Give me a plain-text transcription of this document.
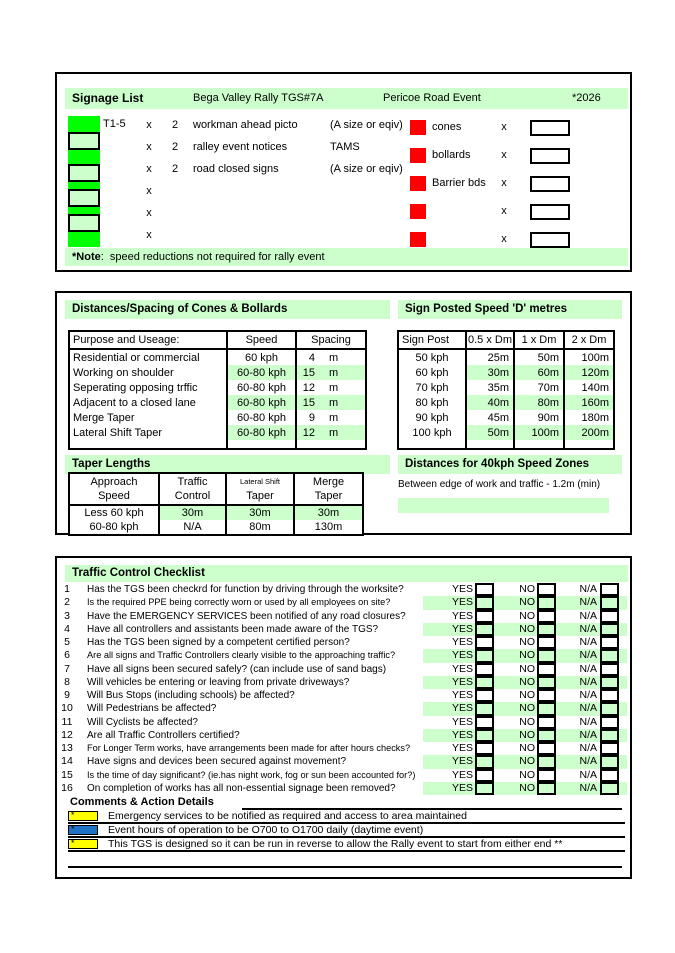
Signage List	Bega Valley Rally TGS#7A	Pericoe Road Event	*2026
T1-5 x 2 workman ahead picto	(A size or eqiv)
x 2 ralley event notices	TAMS
x 2 road closed signs	(A size or eqiv)
x
x
x
cones	x
bollards	x
Barrier bds x
x
x
*Note:  speed reductions not required for rally event
Distances/Spacing of Cones & Bollards	Sign Posted Speed 'D' metres
Purpose and Useage:	Speed	Spacing
Residential or commercial	60 kph	4 m
Working on shoulder	60-80 kph	15 m
Seperating opposing trffic	60-80 kph	12 m
Adjacent to a closed lane	60-80 kph	15 m
Merge Taper	60-80 kph	9 m
Lateral Shift Taper	60-80 kph	12 m

Sign Post	0.5 x Dm	1 x Dm	2 x Dm
50 kph	25m	50m	100m
60 kph	30m	60m	120m
70 kph	35m	70m	140m
80 kph	40m	80m	160m
90 kph	45m	90m	180m
100 kph	50m	100m	200m

Taper Lengths
Approach
Speed

Traffic
Control

Lateral Shift
Taper

Merge
Taper

Less 60 kph	30m	30m	30m
60-80 kph	N/A	80m	130m
Distances for 40kph Speed Zones
Between edge of work and traffic - 1.2m (min)
Traffic Control Checklist
1	Has the TGS been checkrd for function by driving through the worksite?	YES	NO	N/A
2	Is the required PPE being correctly worn or used by all employees on site?	YES	NO	N/A
3	Have the EMERGENCY SERVICES been notified of any road closures?	YES	NO	N/A
4	Have all controllers and assistants been made aware of the TGS?	YES	NO	N/A
5	Has the TGS been signed by a competent certified person?	YES	NO	N/A
6	Are all signs and Traffic Controllers clearly visible to the approaching traffic?	YES	NO	N/A
7	Have all signs been secured safely? (can include use of sand bags)	YES	NO	N/A
8	Will vehicles be entering or leaving from private driveways?	YES	NO	N/A
9	Will Bus Stops (including schools) be affected?	YES	NO	N/A
10 Will Pedestrians be affected?	YES	NO	N/A
11 Will Cyclists be affected?	YES	NO	N/A
12 Are all Traffic Controllers certified?	YES	NO	N/A
13 For Longer Term works, have arrangements been made for after hours checks?	YES	NO	N/A
14 Have signs and devices been secured against movement?	YES	NO	N/A
15 Is the time of day significant? (ie.has night work, fog or sun been accounted for?)	YES	NO	N/A
16 On completion of works has all non-essential signage been removed?	YES	NO	N/A
Comments & Action Details
*	Emergency services to be notified as required and access to area maintained
*	Event hours of operation to be O700 to O1700 daily (daytime event)
*	This TGS is designed so it can be run in reverse to allow the Rally event to start from either end **
